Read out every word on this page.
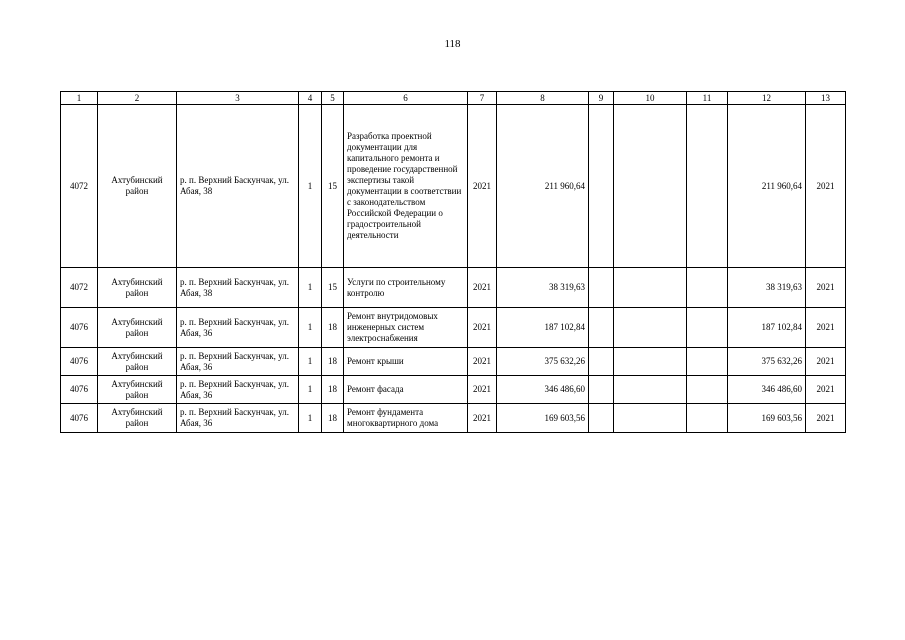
118
1	2	3	4	5	6	7	8	9	10	11	12	13
4072	Ахтубинский район	р. п. Верхний Баскунчак, ул. Абая, 38	1	15	Разработка проектной документации для капитального ремонта и проведение государственной экспертизы такой документации в соответствии с законодательством Российской Федерации о градостроительной деятельности	2021	211 960,64				211 960,64	2021
4072	Ахтубинский район	р. п. Верхний Баскунчак, ул. Абая, 38	1	15	Услуги по строительному контролю	2021	38 319,63				38 319,63	2021
4076	Ахтубинский район	р. п. Верхний Баскунчак, ул. Абая, 36	1	18	Ремонт внутридомовых инженерных систем электроснабжения	2021	187 102,84				187 102,84	2021
4076	Ахтубинский район	р. п. Верхний Баскунчак, ул. Абая, 36	1	18	Ремонт крыши	2021	375 632,26				375 632,26	2021
4076	Ахтубинский район	р. п. Верхний Баскунчак, ул. Абая, 36	1	18	Ремонт фасада	2021	346 486,60				346 486,60	2021
4076	Ахтубинский район	р. п. Верхний Баскунчак, ул. Абая, 36	1	18	Ремонт фундамента многоквартирного дома	2021	169 603,56				169 603,56	2021
